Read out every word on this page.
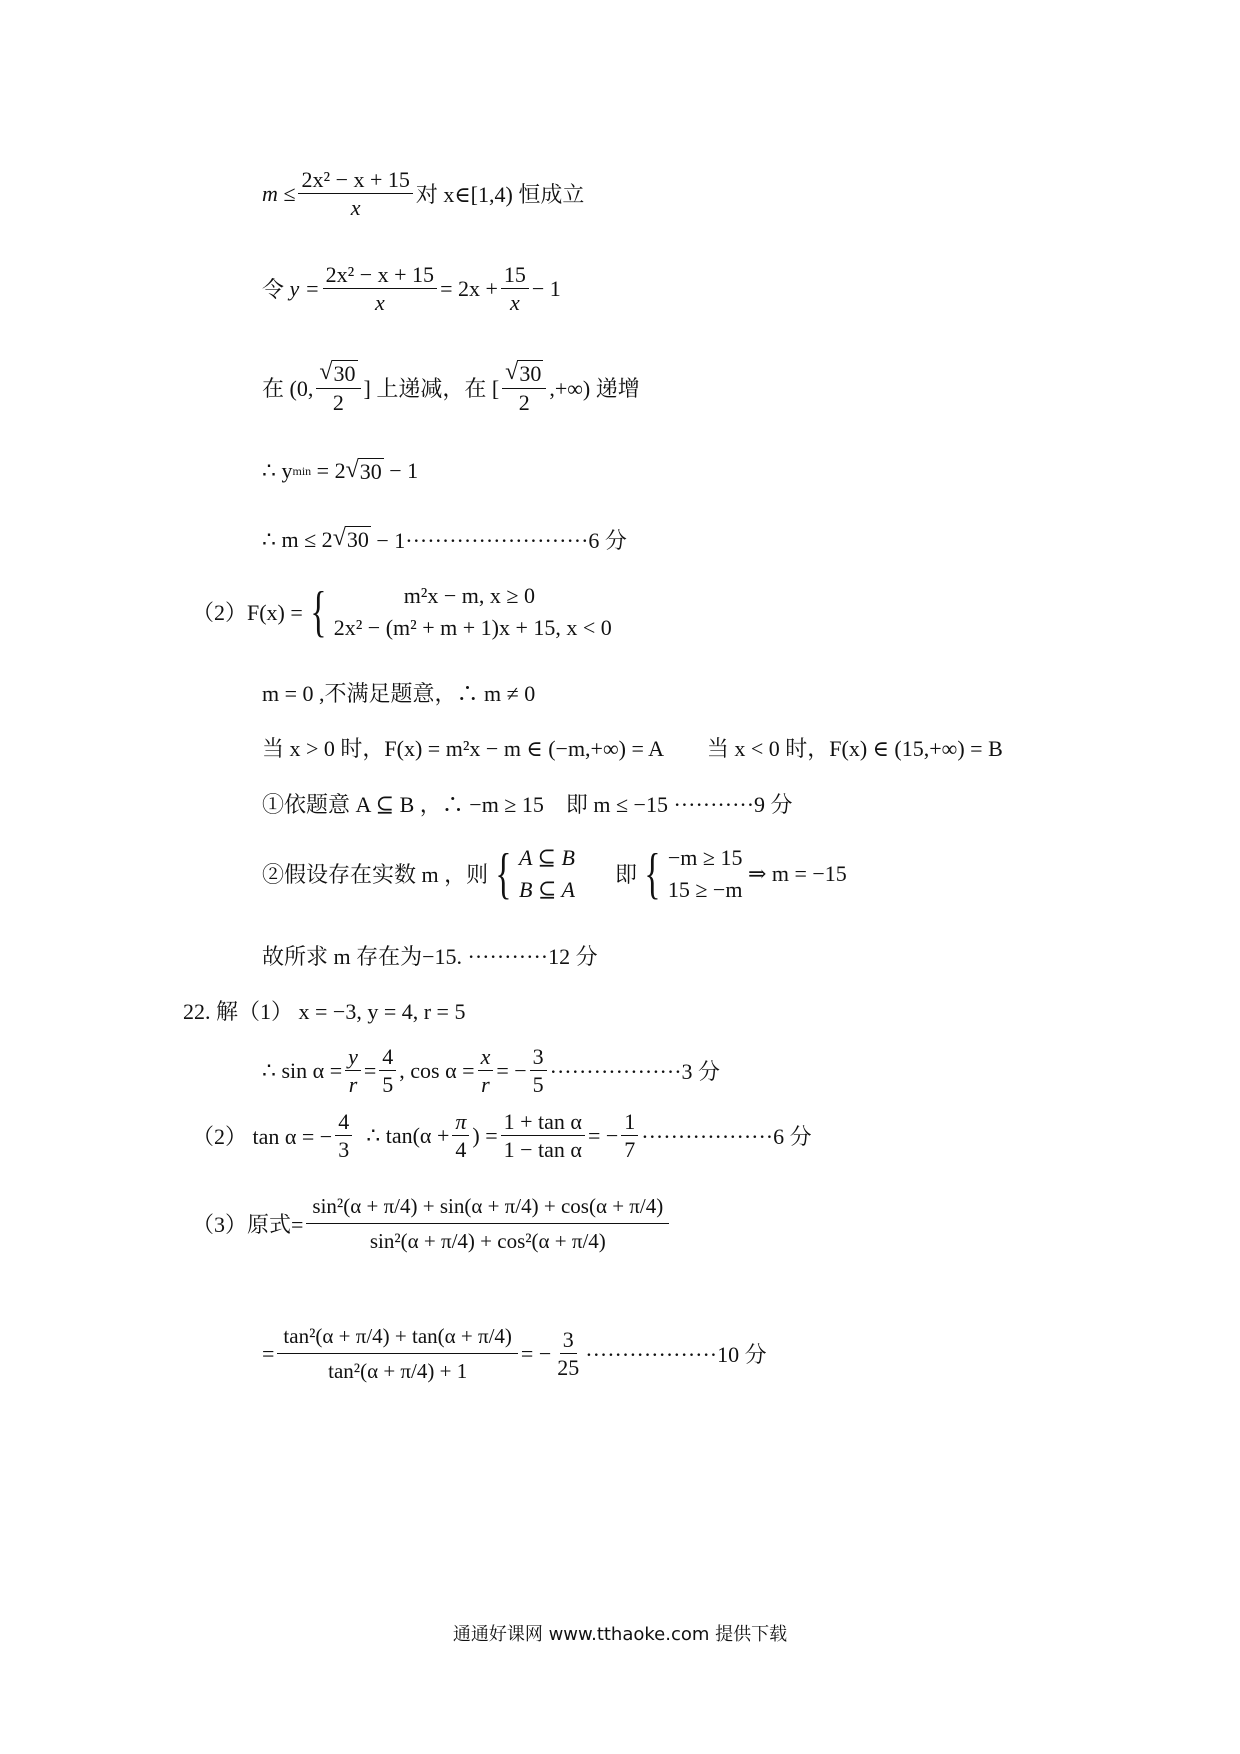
$m \le \frac{\text{2x² − x + 15}}{x}$ 对 x∈[1,4) 恒成立
令
$y = \frac{\text{2x² − x + 15}}{x} = 2x + \frac{15}{x} - 1$
在 (0, $\frac{√ 30}{2}$ ] 上递减，在 [ $\frac{√ 30}{2}$ ,+∞) 递增
∴ y min
= 2 √ 30
− 1
∴ m ≤ 2 √ 30
− 1·························6 分
（2）F(x) = {	m²x − m, x ≥ 0
2x² − (m² + m + 1)x + 15, x < 0
m = 0 ,不满足题意，∴ m ≠ 0
当 x > 0 时，F(x) = m²x − m ∈ (−m,+∞) = A　　当 x < 0 时，F(x) ∈ (15,+∞) = B
①依题意 A ⊆ B ，∴ −m ≥ 15　即 m ≤ −15 ···········9 分
②假设存在实数 m ，则 { A ⊆ B
B ⊆ A
即 { −m ≥ 15
15 ≥ −m

⇒ m = −15
故所求 m 存在为−15. ···········12 分
22. 解（1） x = −3, y = 4, r = 5
∴ $\sin \alpha = \frac{y}{r} = \frac{4}{5}$ , $\cos \alpha = \frac{x}{r}$ = − $\frac{3}{5} \cdot\cdot\cdot\cdot\cdot\cdot\cdot\cdot\cdot\cdot\cdot\cdot\cdot\cdot\cdot\cdot\cdot\cdot 3$ 分
（2） tan α = − $\frac{4}{3}$
∴ $\tan(\alpha + \frac{\pi}{4}$ ) = $\frac{\text{1 + tan α}}{\text{1 − tan α}}$ = − $\frac{1}{7} \cdot\cdot\cdot\cdot\cdot\cdot\cdot\cdot\cdot\cdot\cdot\cdot\cdot\cdot\cdot\cdot\cdot\cdot 6$ 分
（3）原式= $\frac{\text{sin²(α + π/4) + sin(α + π/4) + cos(α + π/4)}}{\text{sin²(α + π/4) + cos²(α + π/4)}}$
= $\frac{\text{tan²(α + π/4) + tan(α + π/4)}}{\text{tan²(α + π/4) + 1}}$ = − $\frac{3}{25} \cdot\cdot\cdot\cdot\cdot\cdot\cdot\cdot\cdot\cdot\cdot\cdot\cdot\cdot\cdot\cdot\cdot\cdot 10$ 分
通通好课网 www.tthaoke.com 提供下载
